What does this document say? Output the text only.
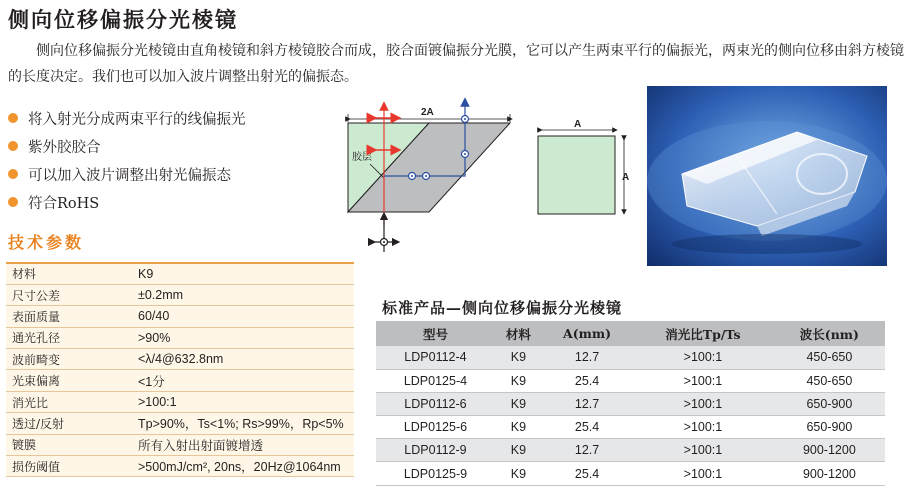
侧向位移偏振分光棱镜

侧向位移偏振分光棱镜由直角棱镜和斜方棱镜胶合而成，胶合面镀偏振分光膜，它可以产生两束平行的偏振光，两束光的侧向位移由斜方棱镜的长度决定。我们也可以加入波片调整出射光的偏振态。

将入射光分成两束平行的线偏振光
紫外胶胶合
可以加入波片调整出射光偏振态
符合RoHS
2A
胶层
A
A
技术参数
材料	K9
尺寸公差	±0.2mm
表面质量	60/40
通光孔径	>90%
波前畸变	<λ/4@632.8nm
光束偏离	<1分
消光比	>100:1
透过/反射	Tp>90%，Ts<1%; Rs>99%，Rp<5%
镀膜	所有入射出射面镀增透
损伤阈值	>500mJ/cm², 20ns，20Hz@1064nm
标准产品—侧向位移偏振分光棱镜
型号	材料	A(mm)	消光比Tp/Ts	波长(nm)
LDP0112-4	K9	12.7	>100:1	450-650
LDP0125-4	K9	25.4	>100:1	450-650
LDP0112-6	K9	12.7	>100:1	650-900
LDP0125-6	K9	25.4	>100:1	650-900
LDP0112-9	K9	12.7	>100:1	900-1200
LDP0125-9	K9	25.4	>100:1	900-1200
